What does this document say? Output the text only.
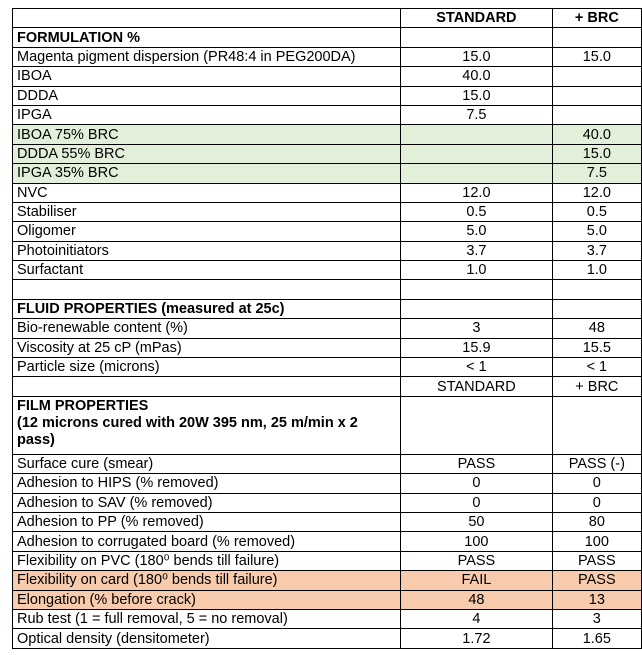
	STANDARD	+ BRC
FORMULATION %		
Magenta pigment dispersion (PR48:4 in PEG200DA)	15.0	15.0
IBOA	40.0	
DDDA	15.0	
IPGA	7.5	
IBOA 75% BRC		40.0
DDDA 55% BRC		15.0
IPGA 35% BRC		7.5
NVC	12.0	12.0
Stabiliser	0.5	0.5
Oligomer	5.0	5.0
Photoinitiators	3.7	3.7
Surfactant	1.0	1.0

FLUID PROPERTIES (measured at 25c)		
Bio-renewable content (%)	3	48
Viscosity at 25 cP (mPas)	15.9	15.5
Particle size (microns)	< 1	< 1
	STANDARD	+ BRC

FILM PROPERTIES
(12 microns cured with 20W 395 nm, 25 m/min x 2 pass)		

Surface cure (smear)	PASS	PASS (-)
Adhesion to HIPS (% removed)	0	0
Adhesion to SAV (% removed)	0	0
Adhesion to PP (% removed)	50	80
Adhesion to corrugated board (% removed)	100	100
Flexibility on PVC (180⁰ bends till failure)	PASS	PASS
Flexibility on card (180⁰ bends till failure)	FAIL	PASS
Elongation (% before crack)	48	13
Rub test (1 = full removal, 5 = no removal)	4	3
Optical density (densitometer)	1.72	1.65
